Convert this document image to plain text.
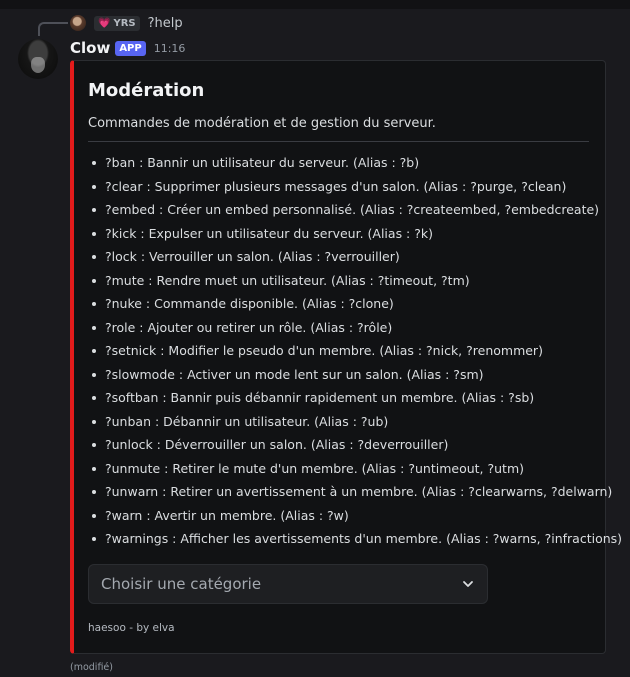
💗 YRS ?help
Clow APP	11:16
Modération
Commandes de modération et de gestion du serveur.
?ban : Bannir un utilisateur du serveur. (Alias : ?b)
?clear : Supprimer plusieurs messages d'un salon. (Alias : ?purge, ?clean)
?embed : Créer un embed personnalisé. (Alias : ?createembed, ?embedcreate)
?kick : Expulser un utilisateur du serveur. (Alias : ?k)
?lock : Verrouiller un salon. (Alias : ?verrouiller)
?mute : Rendre muet un utilisateur. (Alias : ?timeout, ?tm)
?nuke : Commande disponible. (Alias : ?clone)
?role : Ajouter ou retirer un rôle. (Alias : ?rôle)
?setnick : Modifier le pseudo d'un membre. (Alias : ?nick, ?renommer)
?slowmode : Activer un mode lent sur un salon. (Alias : ?sm)
?softban : Bannir puis débannir rapidement un membre. (Alias : ?sb)
?unban : Débannir un utilisateur. (Alias : ?ub)
?unlock : Déverrouiller un salon. (Alias : ?deverrouiller)
?unmute : Retirer le mute d'un membre. (Alias : ?untimeout, ?utm)
?unwarn : Retirer un avertissement à un membre. (Alias : ?clearwarns, ?delwarn)
?warn : Avertir un membre. (Alias : ?w)
?warnings : Afficher les avertissements d'un membre. (Alias : ?warns, ?infractions)
Choisir une catégorie
haesoo - by elva
(modifié)
